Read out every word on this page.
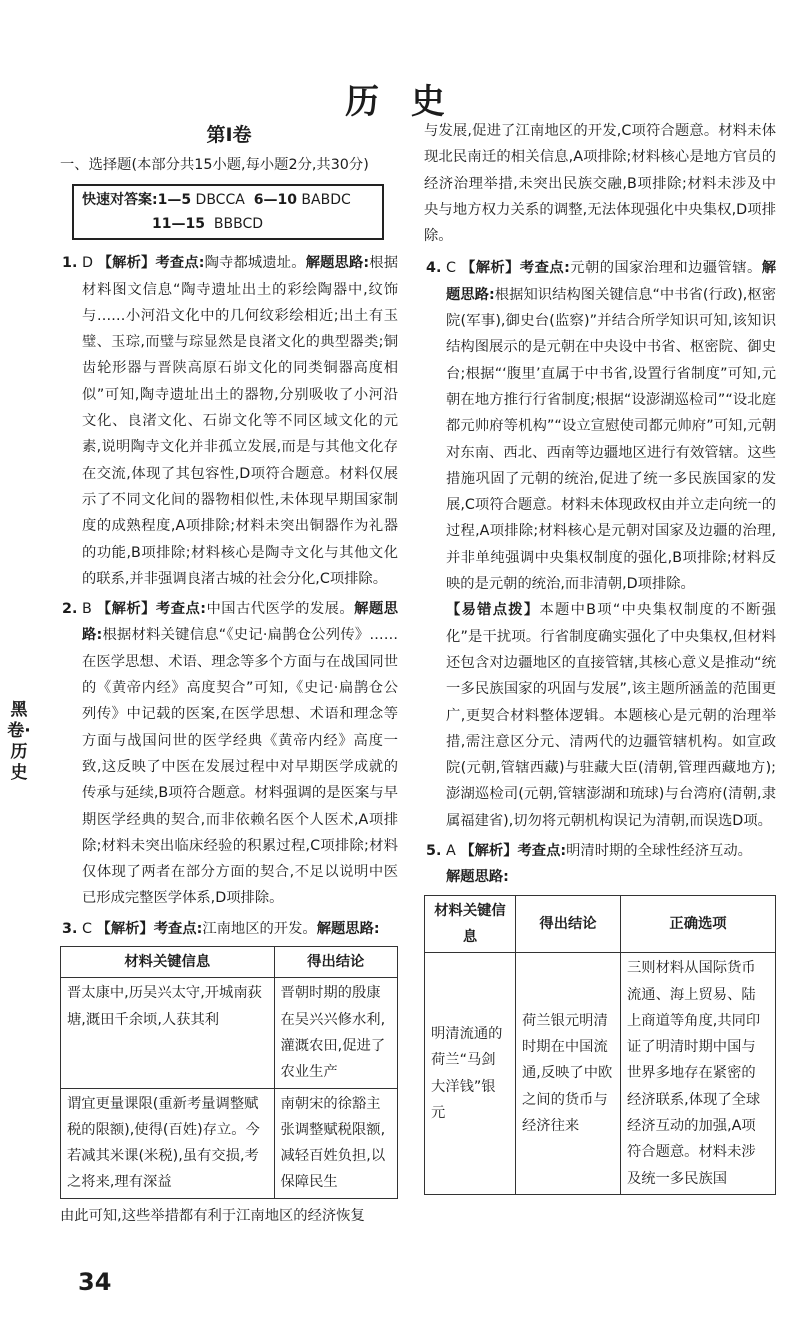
历 史
黑卷·历史
第Ⅰ卷
一、选择题(本部分共15小题,每小题2分,共30分)
快速对答案:1—5 DBCCA 6—10 BABDC
11—15 BBBCD
1. D 【解析】考查点:陶寺都城遗址。解题思路:根据材料图文信息“陶寺遗址出土的彩绘陶器中,纹饰与……小河沿文化中的几何纹彩绘相近;出土有玉璧、玉琮,而璧与琮显然是良渚文化的典型器类;铜齿轮形器与晋陕高原石峁文化的同类铜器高度相似”可知,陶寺遗址出土的器物,分别吸收了小河沿文化、良渚文化、石峁文化等不同区域文化的元素,说明陶寺文化并非孤立发展,而是与其他文化存在交流,体现了其包容性,D项符合题意。材料仅展示了不同文化间的器物相似性,未体现早期国家制度的成熟程度,A项排除;材料未突出铜器作为礼器的功能,B项排除;材料核心是陶寺文化与其他文化的联系,并非强调良渚古城的社会分化,C项排除。

2. B 【解析】考查点:中国古代医学的发展。解题思路:根据材料关键信息“《史记·扁鹊仓公列传》……在医学思想、术语、理念等多个方面与在战国同世的《黄帝内经》高度契合”可知,《史记·扁鹊仓公列传》中记载的医案,在医学思想、术语和理念等方面与战国问世的医学经典《黄帝内经》高度一致,这反映了中医在发展过程中对早期医学成就的传承与延续,B项符合题意。材料强调的是医案与早期医学经典的契合,而非依赖名医个人医术,A项排除;材料未突出临床经验的积累过程,C项排除;材料仅体现了两者在部分方面的契合,不足以说明中医已形成完整医学体系,D项排除。

3. C 【解析】考查点:江南地区的开发。解题思路:

材料关键信息	得出结论
晋太康中,历吴兴太守,开城南荻塘,溉田千余顷,人获其利	晋朝时期的殷康在吴兴兴修水利,灌溉农田,促进了农业生产
谓宜更量课限(重新考量调整赋税的限额),使得(百姓)存立。今若减其米课(米税),虽有交损,考之将来,理有深益	南朝宋的徐豁主张调整赋税限额,减轻百姓负担,以保障民生

由此可知,这些举措都有利于江南地区的经济恢复

与发展,促进了江南地区的开发,C项符合题意。材料未体现北民南迁的相关信息,A项排除;材料核心是地方官员的经济治理举措,未突出民族交融,B项排除;材料未涉及中央与地方权力关系的调整,无法体现强化中央集权,D项排除。

4. C 【解析】考查点:元朝的国家治理和边疆管辖。解题思路:根据知识结构图关键信息“中书省(行政),枢密院(军事),御史台(监察)”并结合所学知识可知,该知识结构图展示的是元朝在中央设中书省、枢密院、御史台;根据“‘腹里’直属于中书省,设置行省制度”可知,元朝在地方推行行省制度;根据“设澎湖巡检司”“设北庭都元帅府等机构”“设立宣慰使司都元帅府”可知,元朝对东南、西北、西南等边疆地区进行有效管辖。这些措施巩固了元朝的统治,促进了统一多民族国家的发展,C项符合题意。材料未体现政权由并立走向统一的过程,A项排除;材料核心是元朝对国家及边疆的治理,并非单纯强调中央集权制度的强化,B项排除;材料反映的是元朝的统治,而非清朝,D项排除。

【易错点拨】本题中B项“中央集权制度的不断强化”是干扰项。行省制度确实强化了中央集权,但材料还包含对边疆地区的直接管辖,其核心意义是推动“统一多民族国家的巩固与发展”,该主题所涵盖的范围更广,更契合材料整体逻辑。本题核心是元朝的治理举措,需注意区分元、清两代的边疆管辖机构。如宣政院(元朝,管辖西藏)与驻藏大臣(清朝,管理西藏地方);澎湖巡检司(元朝,管辖澎湖和琉球)与台湾府(清朝,隶属福建省),切勿将元朝机构误记为清朝,而误选D项。

5. A 【解析】考查点:明清时期的全球性经济互动。

解题思路:

材料关键信息	得出结论	正确选项
明清流通的荷兰“马剑大洋钱”银元	荷兰银元明清时期在中国流通,反映了中欧之间的货币与经济往来	三则材料从国际货币流通、海上贸易、陆上商道等角度,共同印证了明清时期中国与世界多地存在紧密的经济联系,体现了全球经济互动的加强,A项符合题意。材料未涉及统一多民族国
34
